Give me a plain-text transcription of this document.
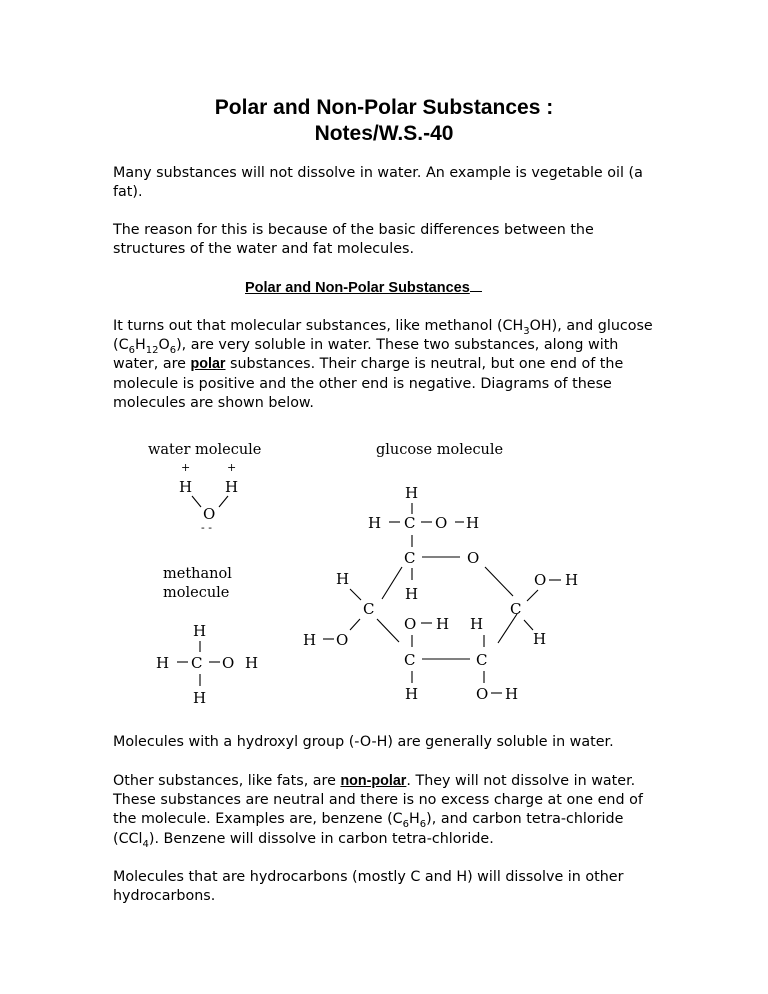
Polar and Non-Polar Substances :
Notes/W.S.-40
Many substances will not dissolve in water. An example is vegetable oil (a fat).
The reason for this is because of the basic differences between the structures of the water and fat molecules.
Polar and Non-Polar Substances
It turns out that molecular substances, like methanol $(CH_3OH)$, and glucose $(C_6H_{12}O_6)$, are very soluble in water. These two substances, along with water, are polar substances. Their charge is neutral, but one end of the molecule is positive and the other end is negative. Diagrams of these molecules are shown below.
water molecule	glucose molecule
methanol
molecule
+	+
H H
O
- -
H
H C O H
H
H
H C O H
C	O
H
H
O H
C	C
O H H
H O	H
C	C
H	O H
Molecules with a hydroxyl group (-O-H) are generally soluble in water.
Other substances, like fats, are non-polar. They will not dissolve in water. These substances are neutral and there is no excess charge at one end of the molecule. Examples are, benzene $(C_6H_6)$, and carbon tetra-chloride (CCl$_4$). Benzene will dissolve in carbon tetra-chloride.
Molecules that are hydrocarbons (mostly C and H) will dissolve in other hydrocarbons.
